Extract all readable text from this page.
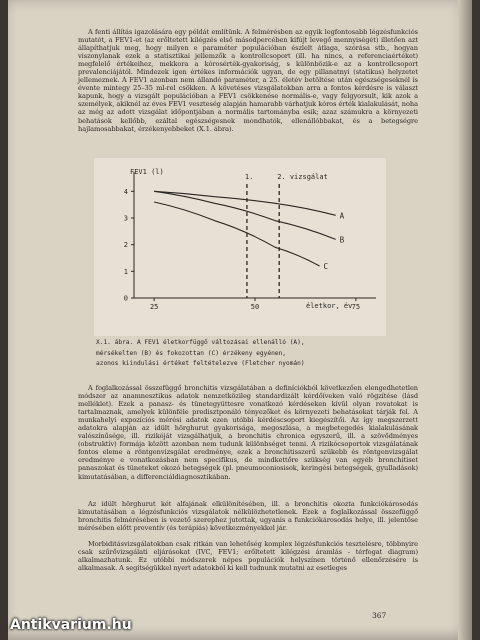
A fenti állítás igazolására egy példát említünk. A felmérésben az egyik legfontosabb légzésfunkciós mutatót, a FEV1-et (az erőltetett kilégzés első másodpercében kifújt levegő mennyiségét) illetően azt állapíthatjuk meg, hogy milyen e paraméter populációban észlelt átlaga, szórása stb., hogyan viszonylanak ezek a statisztikai jellemzők a kontrollcsoport (ill. ha nincs, a referenciaértéket) megfelelő értékeihez, mekkora a kórosérték-gyakoriság, s különbözik-e az a kontrollcsoport prevalenciájától. Mindezek igen értékes információk ugyan, de egy pillanatnyi (statikus) helyzetet jellemeznek. A FEV1 azonban nem állandó paraméter, a 25. életév betöltése után egészségeseknél is évente mintegy 25–35 ml-rel csökken. A követéses vizsgálatokban arra a fontos kérdésre is választ kapunk, hogy a vizsgált populációban a FEV1 csökkenése normális-e, vagy felgyorsult, kik azok a személyek, akiknél az éves FEV1 veszteség alapján hamarabb várhatjuk kóros érték kialakulását, noha az még az adott vizsgálat időpontjában a normális tartományba esik; azaz számukra a környezeti behatások kellőbb, ezáltal egészségesnek mondhatók, ellenállóbbakat, és a betegségre hajlamosabbakat, érzékenyebbeket (X.1. ábra).

FEV1 (l)
életkor, év
0
1
2
3
4
25	50	75
1.	2. vizsgálat
A
B
C
X.1. ábra. A FEV1 életkorfüggő változásai ellenálló (A),
mérsékelten (B) és fokozottan (C) érzékeny egyénen,
azonos kiindulási értéket feltételezve (Fletcher nyomán)

A foglalkozással összefüggő bronchitis vizsgálatában a definíciókból következően elengedhetetlen módszer az anamnesztikus adatok nemzetközileg standardizált kérdőíveken való rögzítése (lásd melléklet). Ezek a panasz- és tünetegyüttesre vonatkozó kérdéseken kívül olyan rovatokat is tartalmaznak, amelyek különféle predisztponáló tényezőket és környezeti behatásokat tárják fel. A munkahelyi expozíciós mérési adatok ezen utóbbi kérdéscsoport kiegészítői. Az így megszerzett adatokra alapján az idült hörghurut gyakorisága, megoszlása, a megbetegedés kialakulásának valószínűsége, ill. rizikóját vizsgálhatjuk, a bronchitis chronica egyszerű, ill. a szövődményes (obstruktív) formája között azonban nem tudunk különbséget tenni. A rizikócsoportok vizsgálatának fontos eleme a röntgenvizsgálat eredménye, ezek a bronchitisszerű szükebb és röntgenvizsgálat eredménye e vonatkozásban nem specifikus, de mindkettőre szükség van egyéb bronchitiset panaszokat és tüneteket okozó betegségek (pl. pneumoconiosisok, keringési betegségek, gyulladások) kimutatásában, a differenciáldiagnosztikában.

Az idült hörghurut két alfajának elkülönítésében, ill. a bronchitis okozta funkciókárosodás kimutatásában a légzésfunkciós vizsgálatok nélkülözhetetlenek. Ezek a foglalkozással összefüggő bronchitis felmérésében is vezető szerephez jutottak, ugyanis a funkciókárosodás helye, ill. jelentőse mérésében előtt preventív (és terápiás) következményekkel jár.

Morbiditásvizsgálatokban csak ritkán van lehetőség komplex légzésfunkciós tesztelésre, többnyire csak szűrővizsgálati eljárásokat (IVC, FEV1; erőltetett kilégzési áramlás - térfogat diagram) alkalmazhatunk. Ez utóbbi módszerek népes populációk helyszínen történő ellenőrzésére is alkalmasak. A segítségükkel nyert adatokból ki kell tudnunk mutatni az esetleges

367
Antikvarium.hu
